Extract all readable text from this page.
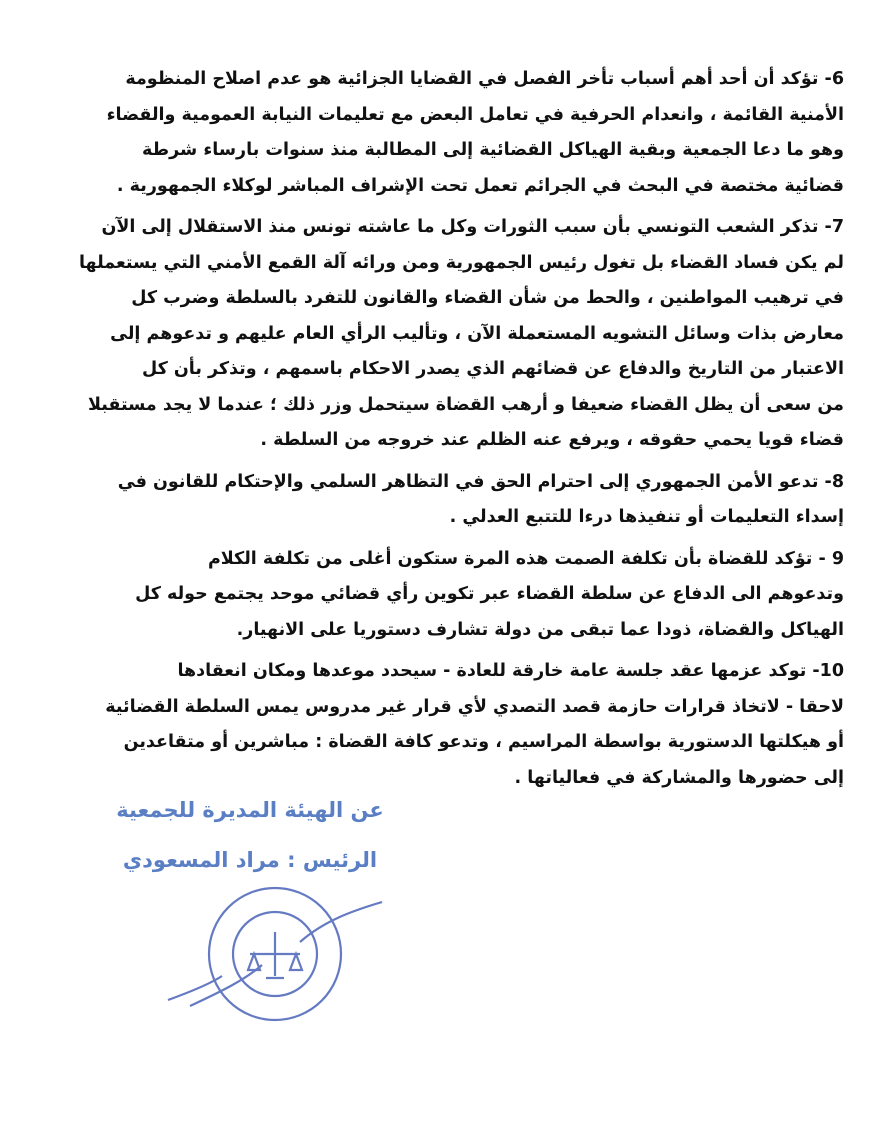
6- تؤكد أن أحد أهم أسباب تأخر الفصل في القضايا الجزائية هو عدم اصلاح المنظومة
الأمنية القائمة ، وانعدام الحرفية في تعامل البعض مع تعليمات النيابة العمومية والقضاء
وهو ما دعا الجمعية وبقية الهياكل القضائية إلى المطالبة منذ سنوات بارساء شرطة
قضائية مختصة في البحث في الجرائم تعمل تحت الإشراف المباشر لوكلاء الجمهورية .
7- تذكر الشعب التونسي بأن سبب الثورات وكل ما عاشته تونس منذ الاستقلال إلى الآن
لم يكن فساد القضاء بل تغول رئيس الجمهورية ومن ورائه آلة القمع الأمني التي يستعملها
في ترهيب المواطنين ، والحط من شأن القضاء والقانون للتفرد بالسلطة وضرب كل
معارض بذات وسائل التشويه المستعملة الآن ، وتأليب الرأي العام عليهم و تدعوهم إلى
الاعتبار من التاريخ والدفاع عن قضائهم الذي يصدر الاحكام باسمهم ، وتذكر بأن كل
من سعى أن يظل القضاء ضعيفا و أرهب القضاة سيتحمل وزر ذلك ؛ عندما لا يجد مستقبلا
قضاء قويا يحمي حقوقه ، ويرفع عنه الظلم عند خروجه من السلطة .
8- تدعو الأمن الجمهوري إلى احترام الحق في التظاهر السلمي والإحتكام للقانون في
إسداء التعليمات أو تنفيذها درءا للتتبع العدلي .
9 - تؤكد للقضاة بأن تكلفة الصمت هذه المرة ستكون أغلى من تكلفة الكلام
وتدعوهم الى الدفاع عن سلطة القضاء عبر تكوين رأي قضائي موحد يجتمع حوله كل
الهياكل والقضاة، ذودا عما تبقى من دولة تشارف دستوريا على الانهيار.
10- توكد عزمها عقد جلسة عامة خارقة للعادة - سيحدد موعدها ومكان انعقادها
لاحقا - لاتخاذ قرارات حازمة قصد التصدي لأي قرار غير مدروس يمس السلطة القضائية
أو هيكلتها الدستورية بواسطة المراسيم ، وتدعو كافة القضاة : مباشرين أو متقاعدين
إلى حضورها والمشاركة في فعالياتها .
عن الهيئة المديرة للجمعية
الرئيس : مراد المسعودي
